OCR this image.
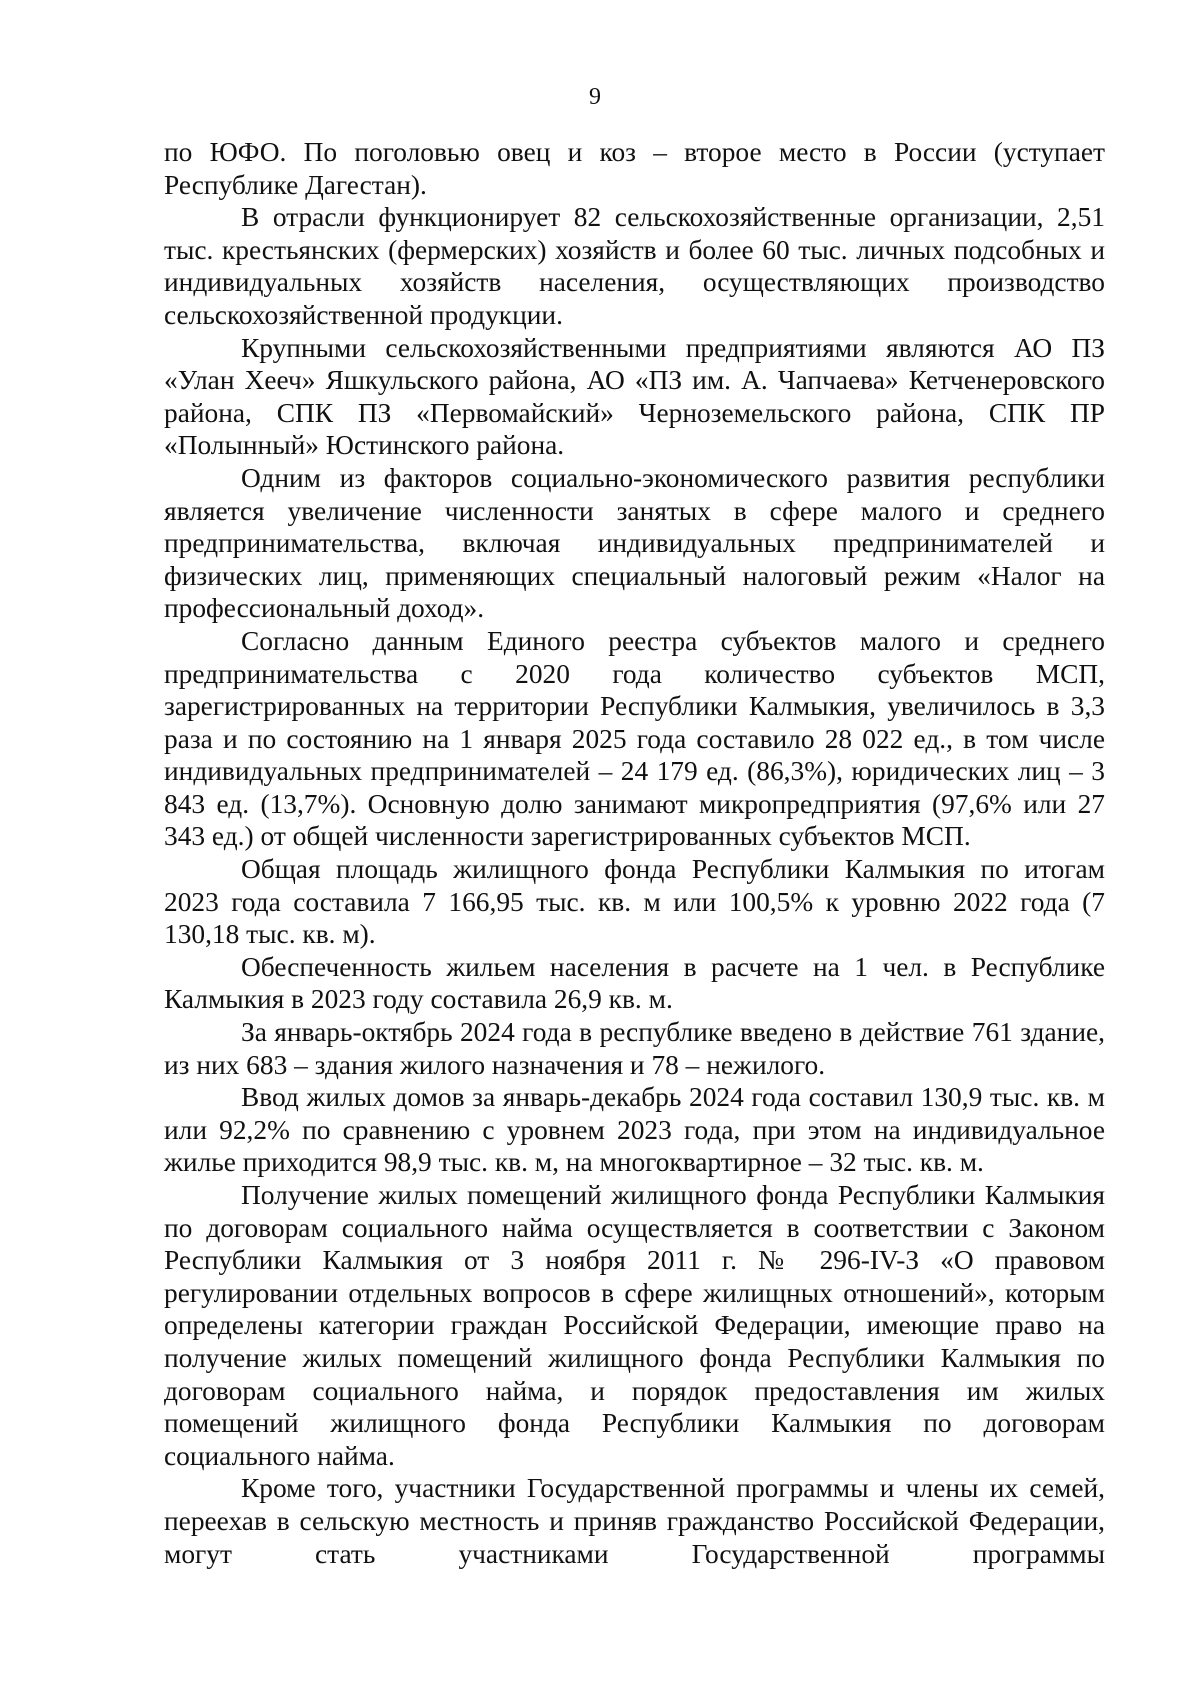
9

по ЮФО. По поголовью овец и коз – второе место в России (уступает Республике Дагестан).

В отрасли функционирует 82 сельскохозяйственные организации, 2,51 тыс. крестьянских (фермерских) хозяйств и более 60 тыс. личных подсобных и индивидуальных хозяйств населения, осуществляющих производство сельскохозяйственной продукции.

Крупными сельскохозяйственными предприятиями являются АО ПЗ «Улан Хееч» Яшкульского района, АО «ПЗ им. А. Чапчаева» Кетченеровского района, СПК ПЗ «Первомайский» Черноземельского района, СПК ПР «Полынный» Юстинского района.

Одним из факторов социально-экономического развития республики является увеличение численности занятых в сфере малого и среднего предпринимательства, включая индивидуальных предпринимателей и физических лиц, применяющих специальный налоговый режим «Налог на профессиональный доход».

Согласно данным Единого реестра субъектов малого и среднего предпринимательства с 2020 года количество субъектов МСП, зарегистрированных на территории Республики Калмыкия, увеличилось в 3,3 раза и по состоянию на 1 января 2025 года составило 28 022 ед., в том числе индивидуальных предпринимателей – 24 179 ед. (86,3%), юридических лиц – 3 843 ед. (13,7%). Основную долю занимают микропредприятия (97,6% или 27 343 ед.) от общей численности зарегистрированных субъектов МСП.

Общая площадь жилищного фонда Республики Калмыкия по итогам 2023 года составила 7 166,95 тыс. кв. м или 100,5% к уровню 2022 года (7 130,18 тыс. кв. м).

Обеспеченность жильем населения в расчете на 1 чел. в Республике Калмыкия в 2023 году составила 26,9 кв. м.

За январь-октябрь 2024 года в республике введено в действие 761 здание, из них 683 – здания жилого назначения и 78 – нежилого.

Ввод жилых домов за январь-декабрь 2024 года составил 130,9 тыс. кв. м или 92,2% по сравнению с уровнем 2023 года, при этом на индивидуальное жилье приходится 98,9 тыс. кв. м, на многоквартирное – 32 тыс. кв. м.

Получение жилых помещений жилищного фонда Республики Калмыкия по договорам социального найма осуществляется в соответствии с Законом Республики Калмыкия от 3 ноября 2011 г. № 296-IV-З «О правовом регулировании отдельных вопросов в сфере жилищных отношений», которым определены категории граждан Российской Федерации, имеющие право на получение жилых помещений жилищного фонда Республики Калмыкия по договорам социального найма, и порядок предоставления им жилых помещений жилищного фонда Республики Калмыкия по договорам социального найма.

Кроме того, участники Государственной программы и члены их семей, переехав в сельскую местность и приняв гражданство Российской Федерации, могут стать участниками Государственной программы
